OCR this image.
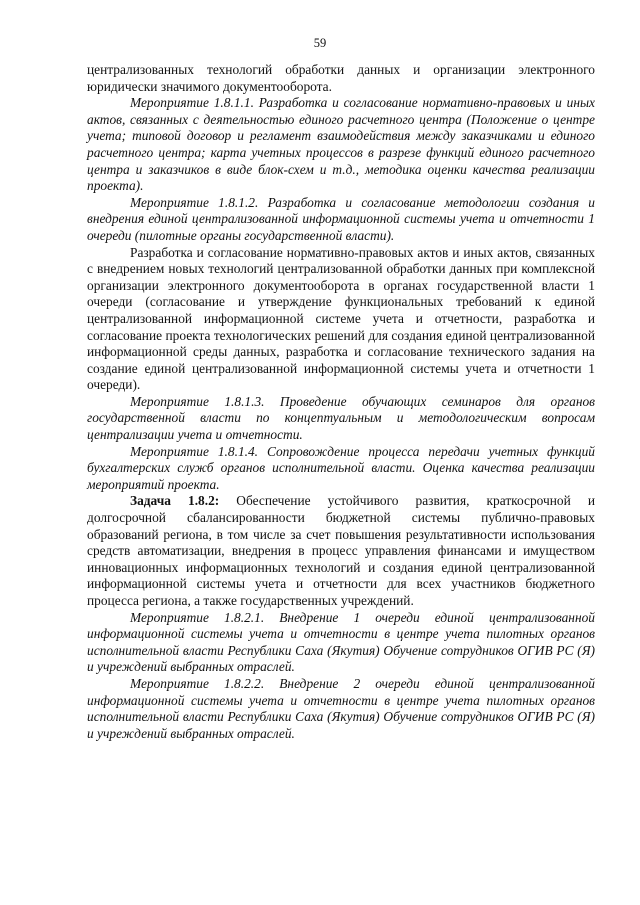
59

централизованных технологий обработки данных и организации электронного юридически значимого документооборота.

Мероприятие 1.8.1.1. Разработка и согласование нормативно-правовых и иных актов, связанных с деятельностью единого расчетного центра (Положение о центре учета; типовой договор и регламент взаимодействия между заказчиками и единого расчетного центра; карта учетных процессов в разрезе функций единого расчетного центра и заказчиков в виде блок-схем и т.д., методика оценки качества реализации проекта).

Мероприятие 1.8.1.2. Разработка и согласование методологии создания и внедрения единой централизованной информационной системы учета и отчетности 1 очереди (пилотные органы государственной власти).

Разработка и согласование нормативно-правовых актов и иных актов, связанных с внедрением новых технологий централизованной обработки данных при комплексной организации электронного документооборота в органах государственной власти 1 очереди (согласование и утверждение функциональных требований к единой централизованной информационной системе учета и отчетности, разработка и согласование проекта технологических решений для создания единой централизованной информационной среды данных, разработка и согласование технического задания на создание единой централизованной информационной системы учета и отчетности 1 очереди).

Мероприятие 1.8.1.3. Проведение обучающих семинаров для органов государственной власти по концептуальным и методологическим вопросам централизации учета и отчетности.

Мероприятие 1.8.1.4. Сопровождение процесса передачи учетных функций бухгалтерских служб органов исполнительной власти. Оценка качества реализации мероприятий проекта.

Задача 1.8.2: Обеспечение устойчивого развития, краткосрочной и долгосрочной сбалансированности бюджетной системы публично-правовых образований региона, в том числе за счет повышения результативности использования средств автоматизации, внедрения в процесс управления финансами и имуществом инновационных информационных технологий и создания единой централизованной информационной системы учета и отчетности для всех участников бюджетного процесса региона, а также государственных учреждений.

Мероприятие 1.8.2.1. Внедрение 1 очереди единой централизованной информационной системы учета и отчетности в центре учета пилотных органов исполнительной власти Республики Саха (Якутия) Обучение сотрудников ОГИВ РС (Я) и учреждений выбранных отраслей.

Мероприятие 1.8.2.2. Внедрение 2 очереди единой централизованной информационной системы учета и отчетности в центре учета пилотных органов исполнительной власти Республики Саха (Якутия) Обучение сотрудников ОГИВ РС (Я) и учреждений выбранных отраслей.
